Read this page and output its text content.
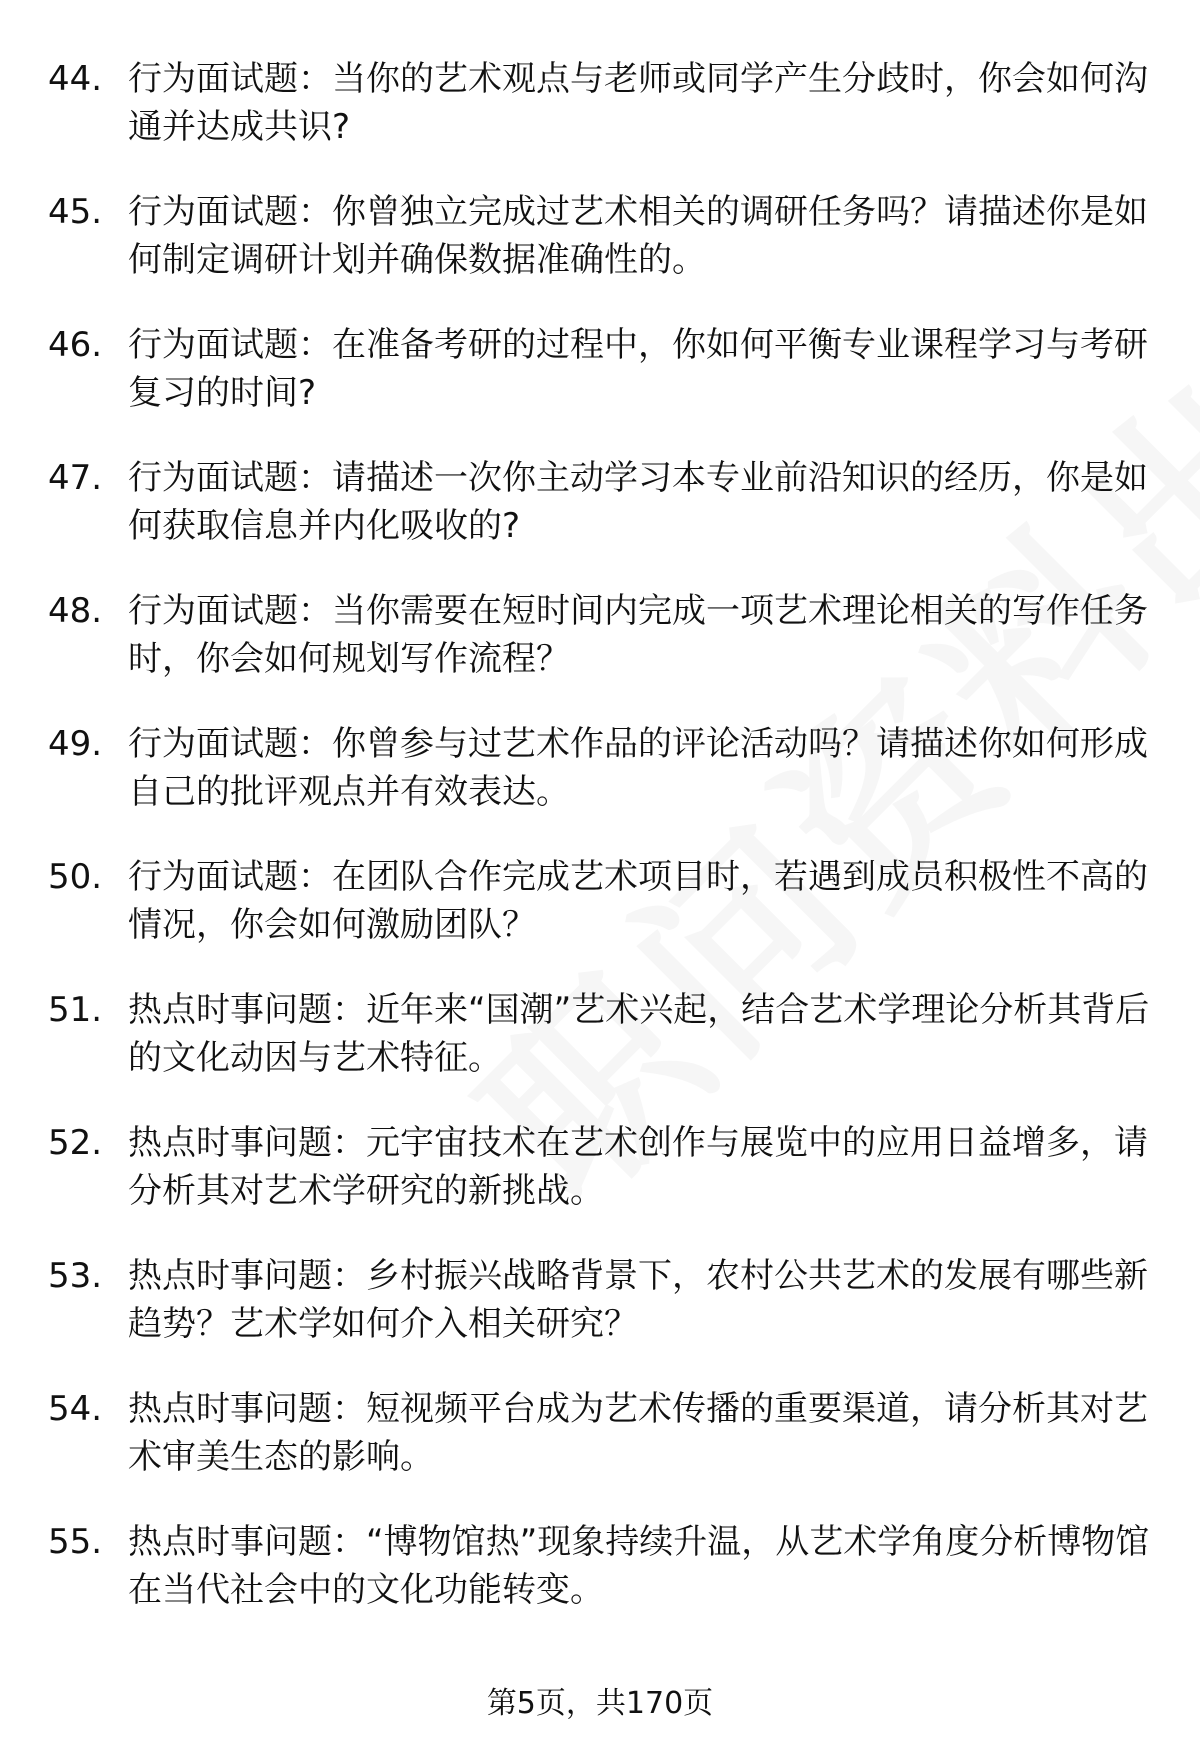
44. 行为面试题：当你的艺术观点与老师或同学产生分歧时，你会如何沟通并达成共识?
45. 行为面试题：你曾独立完成过艺术相关的调研任务吗？请描述你是如何制定调研计划并确保数据准确性的。
46. 行为面试题：在准备考研的过程中，你如何平衡专业课程学习与考研复习的时间?
47. 行为面试题：请描述一次你主动学习本专业前沿知识的经历，你是如何获取信息并内化吸收的?
48. 行为面试题：当你需要在短时间内完成一项艺术理论相关的写作任务时，你会如何规划写作流程？
49. 行为面试题：你曾参与过艺术作品的评论活动吗？请描述你如何形成自己的批评观点并有效表达。
50. 行为面试题：在团队合作完成艺术项目时，若遇到成员积极性不高的情况，你会如何激励团队？
51. 热点时事问题：近年来“国潮”艺术兴起，结合艺术学理论分析其背后的文化动因与艺术特征。
52. 热点时事问题：元宇宙技术在艺术创作与展览中的应用日益增多，请分析其对艺术学研究的新挑战。
53. 热点时事问题：乡村振兴战略背景下，农村公共艺术的发展有哪些新趋势？艺术学如何介入相关研究？
54. 热点时事问题：短视频平台成为艺术传播的重要渠道，请分析其对艺术审美生态的影响。
55. 热点时事问题：“博物馆热”现象持续升温，从艺术学角度分析博物馆在当代社会中的文化功能转变。
第5页，共170页
